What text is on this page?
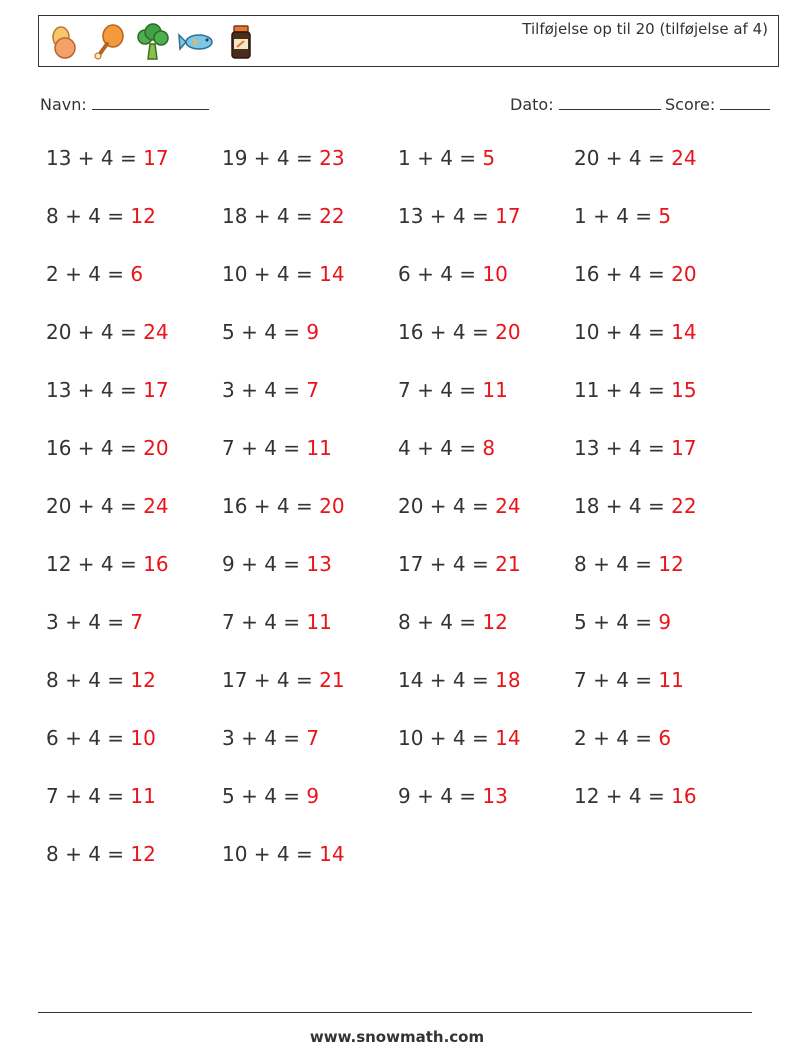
Tilføjelse op til 20 (tilføjelse af 4)
Navn:	Dato:	Score:
13 + 4 = 17	19 + 4 = 23	1 + 4 = 5	20 + 4 = 24
8 + 4 = 12	18 + 4 = 22	13 + 4 = 17	1 + 4 = 5
2 + 4 = 6	10 + 4 = 14	6 + 4 = 10	16 + 4 = 20
20 + 4 = 24	5 + 4 = 9	16 + 4 = 20	10 + 4 = 14
13 + 4 = 17	3 + 4 = 7	7 + 4 = 11	11 + 4 = 15
16 + 4 = 20	7 + 4 = 11	4 + 4 = 8	13 + 4 = 17
20 + 4 = 24	16 + 4 = 20	20 + 4 = 24	18 + 4 = 22
12 + 4 = 16	9 + 4 = 13	17 + 4 = 21	8 + 4 = 12
3 + 4 = 7	7 + 4 = 11	8 + 4 = 12	5 + 4 = 9
8 + 4 = 12	17 + 4 = 21	14 + 4 = 18	7 + 4 = 11
6 + 4 = 10	3 + 4 = 7	10 + 4 = 14	2 + 4 = 6
7 + 4 = 11	5 + 4 = 9	9 + 4 = 13	12 + 4 = 16
8 + 4 = 12	10 + 4 = 14
www.snowmath.com
